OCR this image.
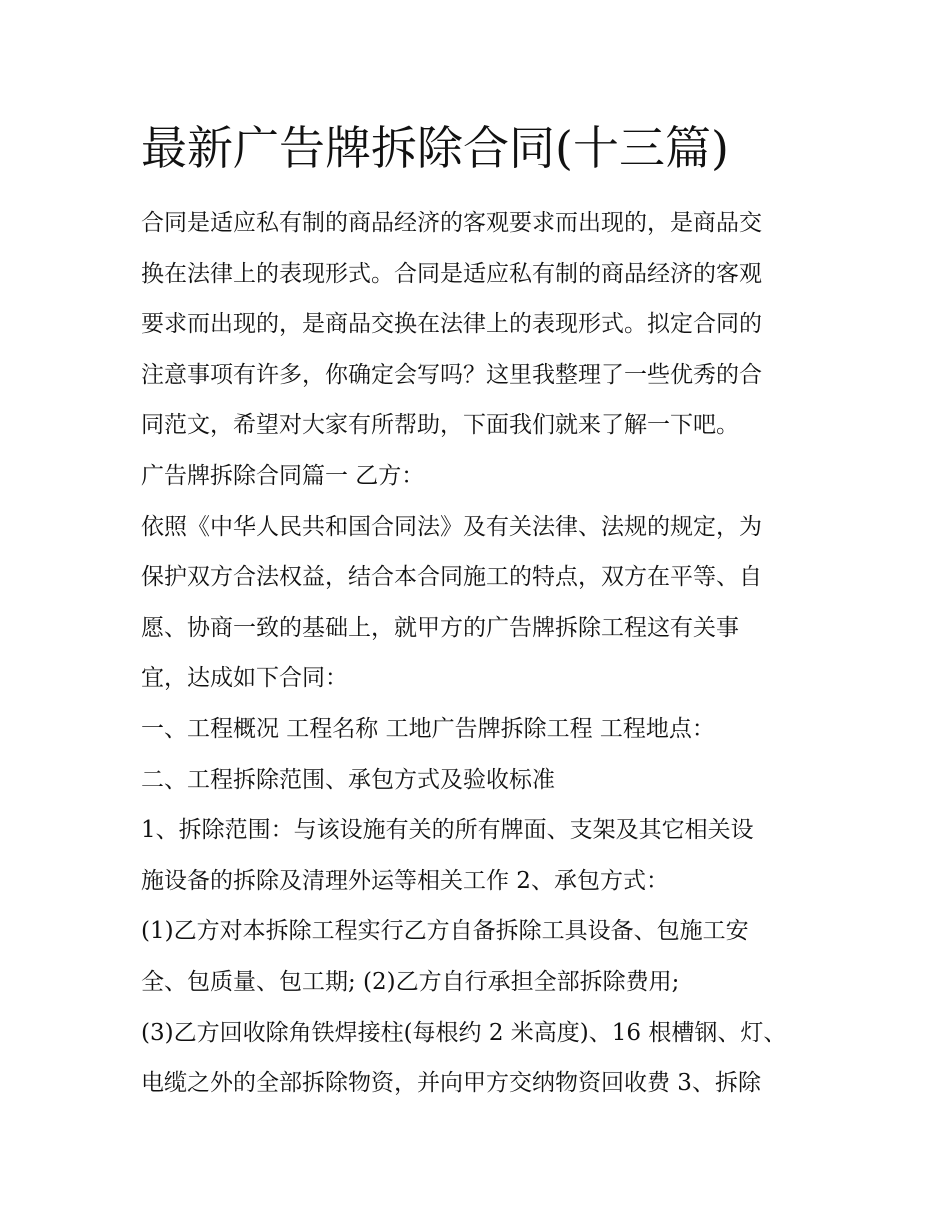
最新广告牌拆除合同(十三篇)

合同是适应私有制的商品经济的客观要求而出现的，是商品交

换在法律上的表现形式。合同是适应私有制的商品经济的客观

要求而出现的，是商品交换在法律上的表现形式。拟定合同的

注意事项有许多，你确定会写吗？这里我整理了一些优秀的合

同范文，希望对大家有所帮助，下面我们就来了解一下吧。

广告牌拆除合同篇一 乙方：

依照《中华人民共和国合同法》及有关法律、法规的规定，为

保护双方合法权益，结合本合同施工的特点，双方在平等、自

愿、协商一致的基础上，就甲方的广告牌拆除工程这有关事

宜，达成如下合同：

一、工程概况 工程名称 工地广告牌拆除工程 工程地点：

二、工程拆除范围、承包方式及验收标准

1、拆除范围：与该设施有关的所有牌面、支架及其它相关设

施设备的拆除及清理外运等相关工作 2、承包方式：

(1)乙方对本拆除工程实行乙方自备拆除工具设备、包施工安

全、包质量、包工期; (2)乙方自行承担全部拆除费用;

(3)乙方回收除角铁焊接柱(每根约 2 米高度)、16 根槽钢、灯、

电缆之外的全部拆除物资，并向甲方交纳物资回收费 3、拆除
